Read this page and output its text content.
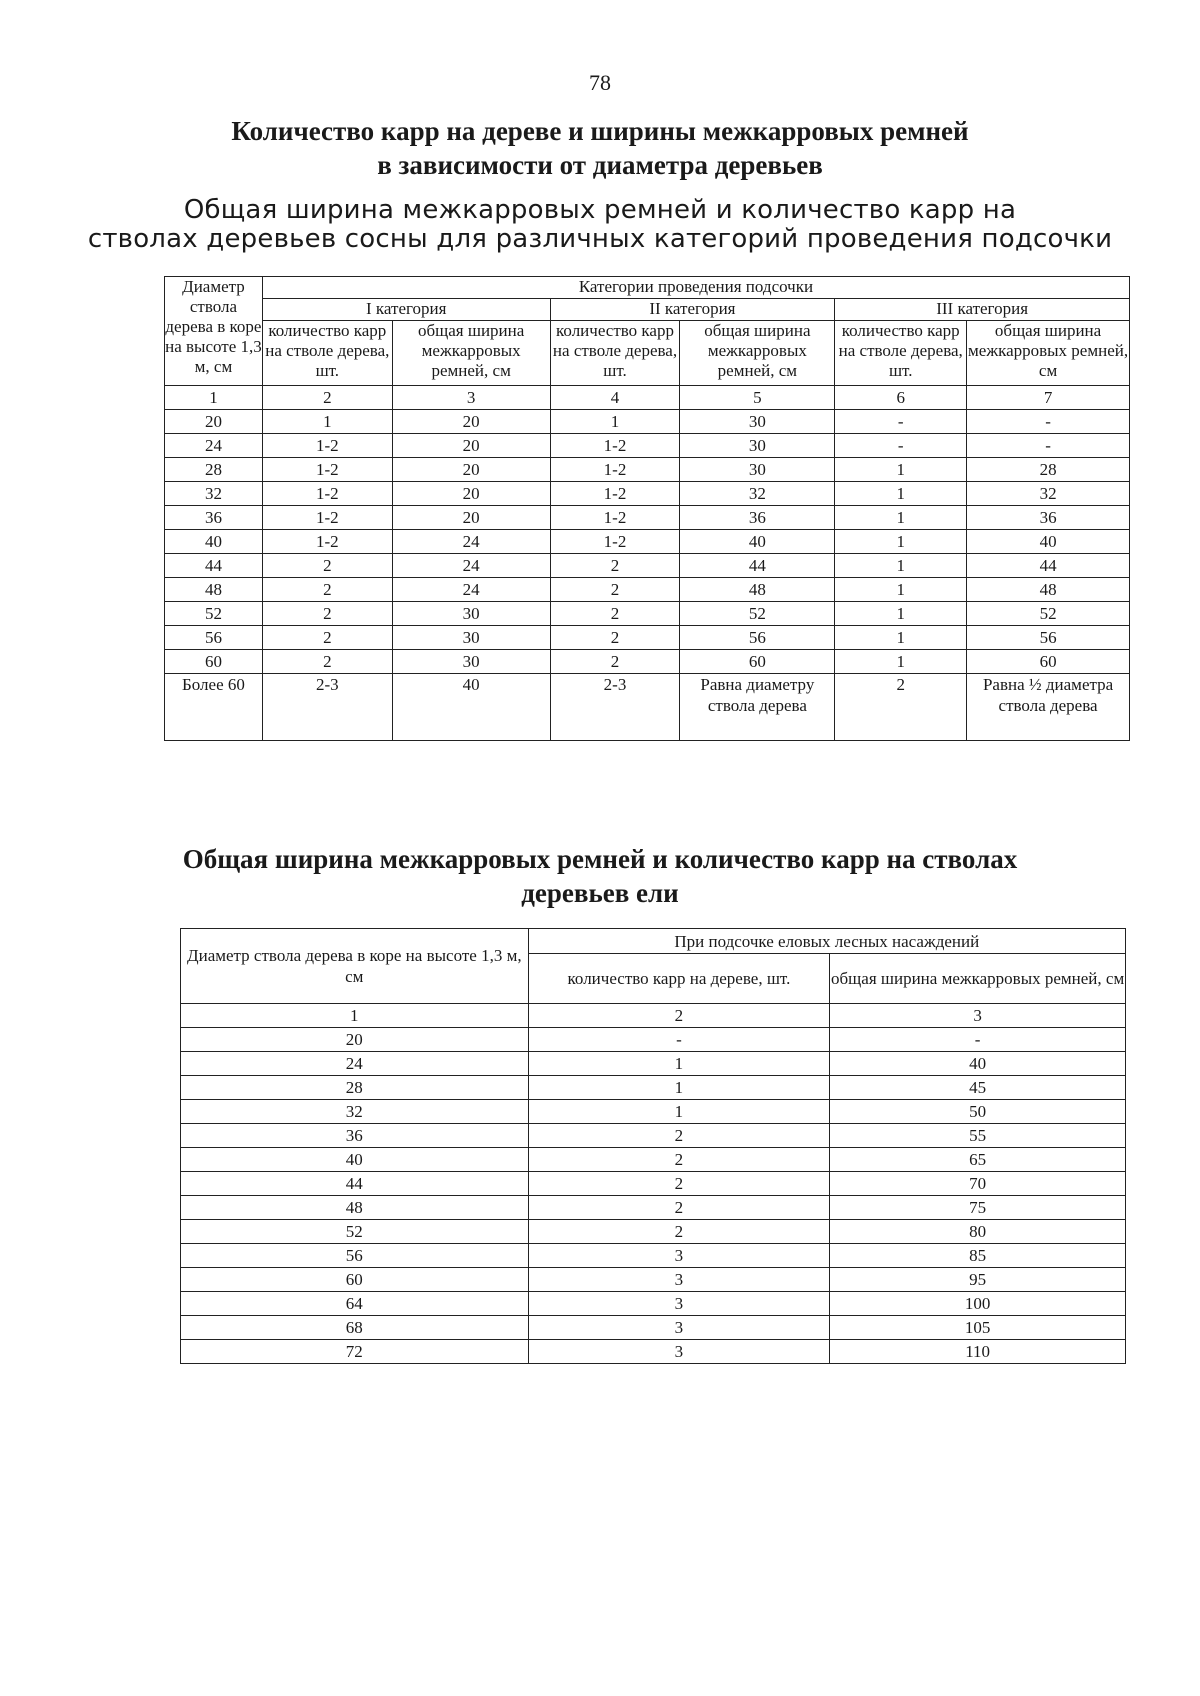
78
Количество карр на дереве и ширины межкарровых ремней
в зависимости от диаметра деревьев
Общая ширина межкарровых ремней и количество карр на
стволах деревьев сосны для различных категорий проведения подсочки
Диаметр ствола дерева в коре на высоте 1,3 м, см	Категории проведения подсочки					
	I категория		II категория		III категория	
	количество карр на стволе дерева, шт.	общая ширина межкарровых ремней, см	количество карр на стволе дерева, шт.	общая ширина межкарровых ремней, см	количество карр на стволе дерева, шт.	общая ширина межкарровых ремней, см
1	2	3	4	5	6	7
20	1	20	1	30	-	-
24	1-2	20	1-2	30	-	-
28	1-2	20	1-2	30	1	28
32	1-2	20	1-2	32	1	32
36	1-2	20	1-2	36	1	36
40	1-2	24	1-2	40	1	40
44	2	24	2	44	1	44
48	2	24	2	48	1	48
52	2	30	2	52	1	52
56	2	30	2	56	1	56
60	2	30	2	60	1	60
Более 60	2-3	40	2-3	Равна диаметру ствола дерева	2	Равна ½ диаметра ствола дерева
Общая ширина межкарровых ремней и количество карр на стволах
деревьев ели
Диаметр ствола дерева в коре на высоте 1,3 м, см	При подсочке еловых лесных насаждений	
	количество карр на дереве, шт.	общая ширина межкарровых ремней, см
1	2	3
20	-	-
24	1	40
28	1	45
32	1	50
36	2	55
40	2	65
44	2	70
48	2	75
52	2	80
56	3	85
60	3	95
64	3	100
68	3	105
72	3	110
